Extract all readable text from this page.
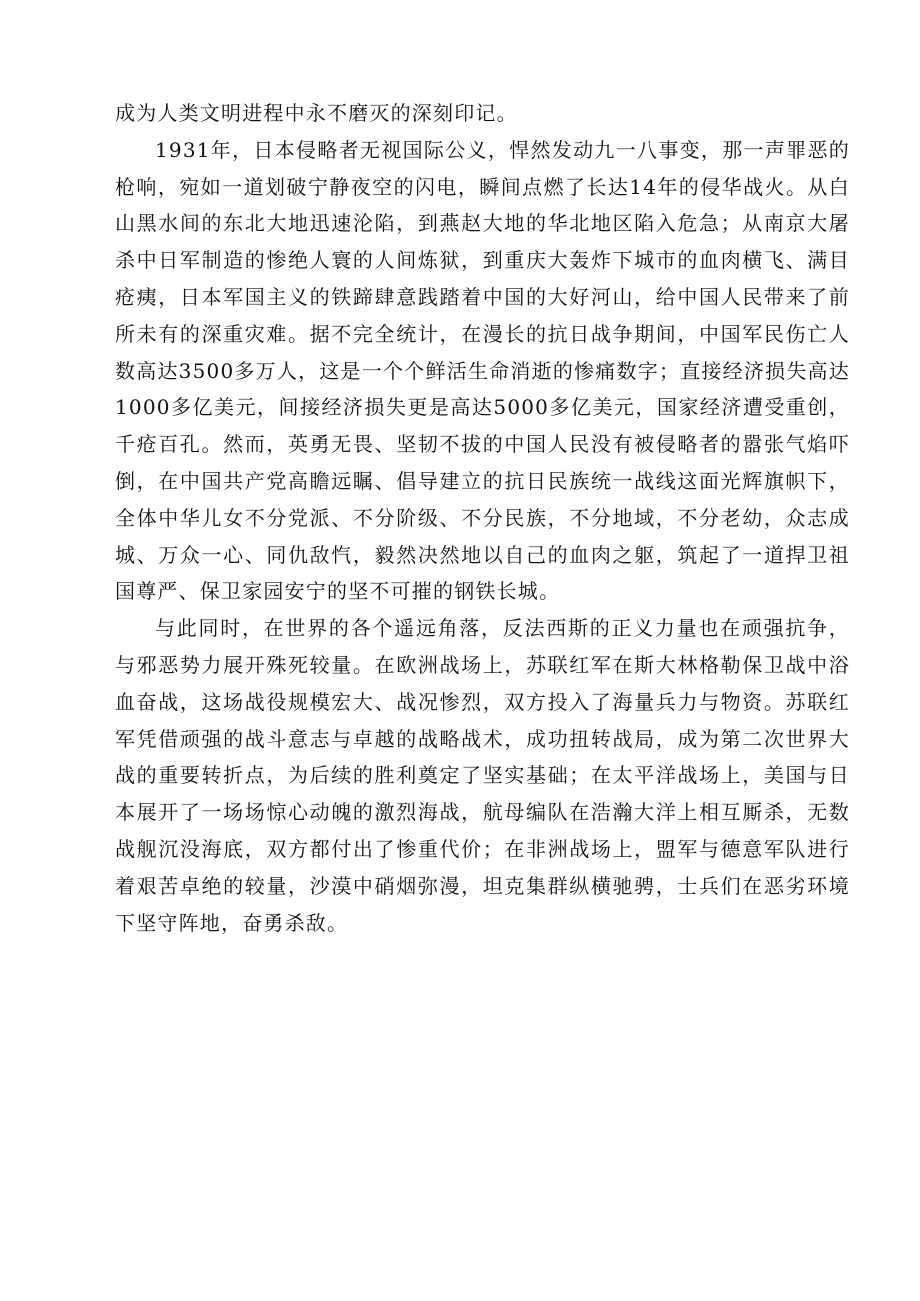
成为人类文明进程中永不磨灭的深刻印记。

1931年，日本侵略者无视国际公义，悍然发动九一八事变，那一声罪恶的枪响，宛如一道划破宁静夜空的闪电，瞬间点燃了长达14年的侵华战火。从白山黑水间的东北大地迅速沦陷，到燕赵大地的华北地区陷入危急；从南京大屠杀中日军制造的惨绝人寰的人间炼狱，到重庆大轰炸下城市的血肉横飞、满目疮痍，日本军国主义的铁蹄肆意践踏着中国的大好河山，给中国人民带来了前所未有的深重灾难。据不完全统计，在漫长的抗日战争期间，中国军民伤亡人数高达3500多万人，这是一个个鲜活生命消逝的惨痛数字；直接经济损失高达1000多亿美元，间接经济损失更是高达5000多亿美元，国家经济遭受重创，千疮百孔。然而，英勇无畏、坚韧不拔的中国人民没有被侵略者的嚣张气焰吓倒，在中国共产党高瞻远瞩、倡导建立的抗日民族统一战线这面光辉旗帜下，全体中华儿女不分党派、不分阶级、不分民族，不分地域，不分老幼，众志成城、万众一心、同仇敌忾，毅然决然地以自己的血肉之躯，筑起了一道捍卫祖国尊严、保卫家园安宁的坚不可摧的钢铁长城。

与此同时，在世界的各个遥远角落，反法西斯的正义力量也在顽强抗争，与邪恶势力展开殊死较量。在欧洲战场上，苏联红军在斯大林格勒保卫战中浴血奋战，这场战役规模宏大、战况惨烈，双方投入了海量兵力与物资。苏联红军凭借顽强的战斗意志与卓越的战略战术，成功扭转战局，成为第二次世界大战的重要转折点，为后续的胜利奠定了坚实基础；在太平洋战场上，美国与日本展开了一场场惊心动魄的激烈海战，航母编队在浩瀚大洋上相互厮杀，无数战舰沉没海底，双方都付出了惨重代价；在非洲战场上，盟军与德意军队进行着艰苦卓绝的较量，沙漠中硝烟弥漫，坦克集群纵横驰骋，士兵们在恶劣环境下坚守阵地，奋勇杀敌。
